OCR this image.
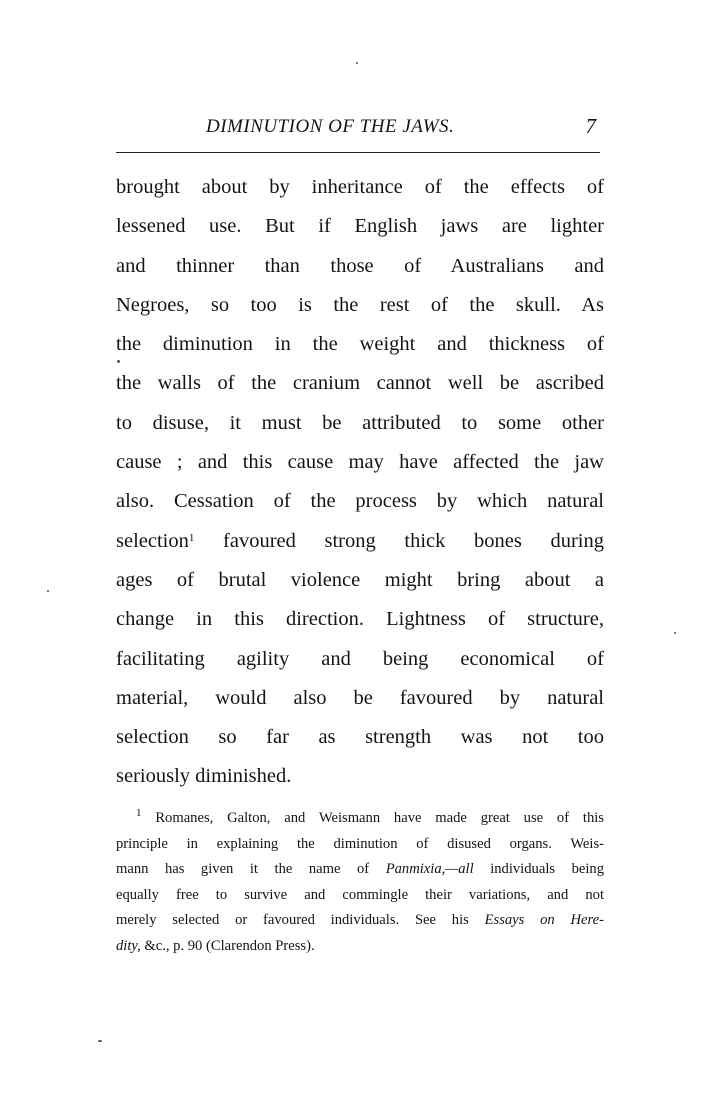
DIMINUTION OF THE JAWS.	7
brought about by inheritance of the effects of
lessened use. But if English jaws are lighter
and thinner than those of Australians and
Negroes, so too is the rest of the skull. As
the diminution in the weight and thickness of
the walls of the cranium cannot well be ascribed
to disuse, it must be attributed to some other
cause ; and this cause may have affected the jaw
also. Cessation of the process by which natural
selection$^1$ favoured strong thick bones during
ages of brutal violence might bring about a
change in this direction. Lightness of structure,
facilitating agility and being economical of
material, would also be favoured by natural
selection so far as strength was not too
seriously diminished.
$^1$ Romanes, Galton, and Weismann have made great use of this
principle in explaining the diminution of disused organs. Weis-
mann has given it the name of Panmixia,—all individuals being
equally free to survive and commingle their variations, and not
merely selected or favoured individuals. See his Essays on Here-
dity, &c., p. 90 (Clarendon Press).
